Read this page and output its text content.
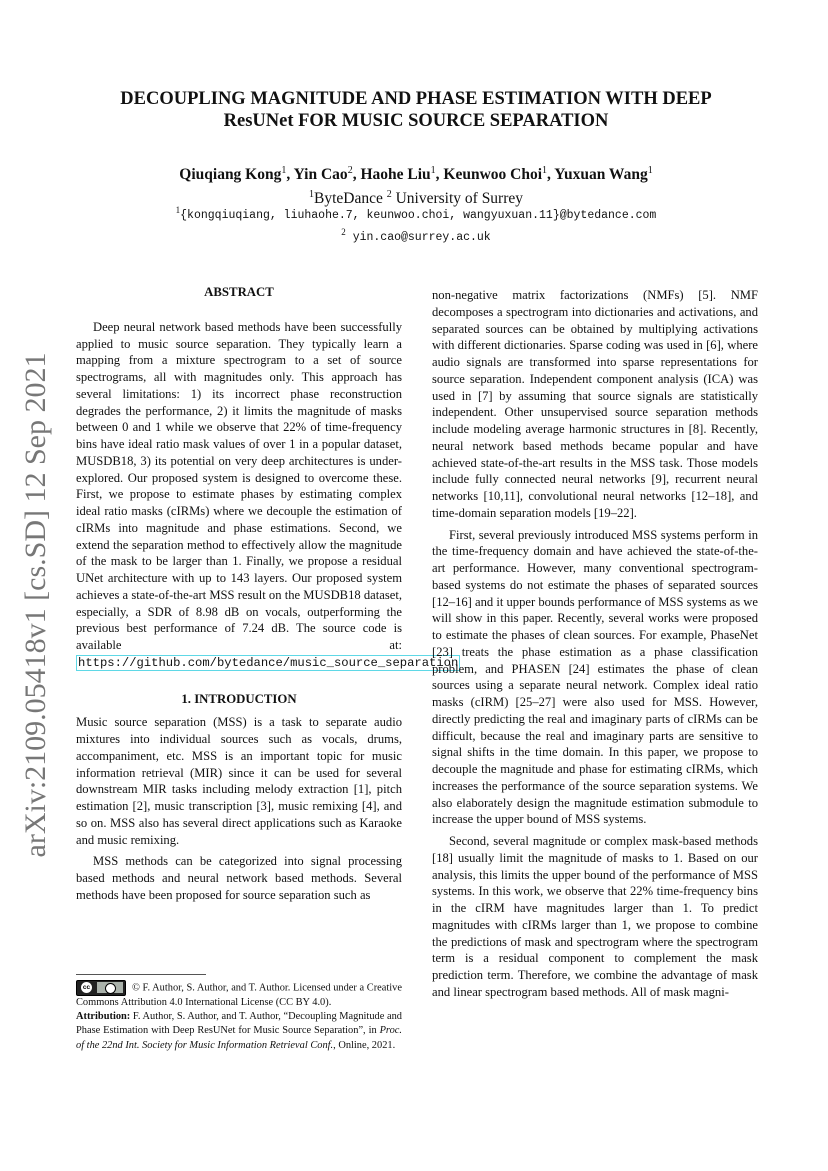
arXiv:2109.05418v1 [cs.SD] 12 Sep 2021
DECOUPLING MAGNITUDE AND PHASE ESTIMATION WITH DEEP
ResUNet FOR MUSIC SOURCE SEPARATION
Qiuqiang Kong$^1$, Yin Cao$^2$, Haohe Liu$^1$, Keunwoo Choi$^1$, Yuxuan Wang$^1$
$^1$ByteDance $^2$ University of Surrey
$^1${kongqiuqiang, liuhaohe.7, keunwoo.choi, wangyuxuan.11}@bytedance.com
$^2$ yin.cao@surrey.ac.uk
ABSTRACT

Deep neural network based methods have been successfully applied to music source separation. They typically learn a mapping from a mixture spectrogram to a set of source spectrograms, all with magnitudes only. This approach has several limitations: 1) its incorrect phase reconstruction degrades the performance, 2) it limits the magnitude of masks between 0 and 1 while we observe that 22% of time-frequency bins have ideal ratio mask values of over 1 in a popular dataset, MUSDB18, 3) its potential on very deep architectures is under-explored. Our proposed system is designed to overcome these. First, we propose to estimate phases by estimating complex ideal ratio masks (cIRMs) where we decouple the estimation of cIRMs into magnitude and phase estimations. Second, we extend the separation method to effectively allow the magnitude of the mask to be larger than 1. Finally, we propose a residual UNet architecture with up to 143 layers. Our proposed system achieves a state-of-the-art MSS result on the MUSDB18 dataset, especially, a SDR of 8.98 dB on vocals, outperforming the previous best performance of 7.24 dB. The source code is available at: https://github.com/bytedance/music_source_separation

1. INTRODUCTION

Music source separation (MSS) is a task to separate audio mixtures into individual sources such as vocals, drums, accompaniment, etc. MSS is an important topic for music information retrieval (MIR) since it can be used for several downstream MIR tasks including melody extraction [1], pitch estimation [2], music transcription [3], music remixing [4], and so on. MSS also has several direct applications such as Karaoke and music remixing.

MSS methods can be categorized into signal processing based methods and neural network based methods. Several methods have been proposed for source separation such as

non-negative matrix factorizations (NMFs) [5]. NMF decomposes a spectrogram into dictionaries and activations, and separated sources can be obtained by multiplying activations with different dictionaries. Sparse coding was used in [6], where audio signals are transformed into sparse representations for source separation. Independent component analysis (ICA) was used in [7] by assuming that source signals are statistically independent. Other unsupervised source separation methods include modeling average harmonic structures in [8]. Recently, neural network based methods became popular and have achieved state-of-the-art results in the MSS task. Those models include fully connected neural networks [9], recurrent neural networks [10,11], convolutional neural networks [12–18], and time-domain separation models [19–22].

First, several previously introduced MSS systems perform in the time-frequency domain and have achieved the state-of-the-art performance. However, many conventional spectrogram-based systems do not estimate the phases of separated sources [12–16] and it upper bounds performance of MSS systems as we will show in this paper. Recently, several works were proposed to estimate the phases of clean sources. For example, PhaseNet [23] treats the phase estimation as a phase classification problem, and PHASEN [24] estimates the phase of clean sources using a separate neural network. Complex ideal ratio masks (cIRM) [25–27] were also used for MSS. However, directly predicting the real and imaginary parts of cIRMs can be difficult, because the real and imaginary parts are sensitive to signal shifts in the time domain. In this paper, we propose to decouple the magnitude and phase for estimating cIRMs, which increases the performance of the source separation systems. We also elaborately design the magnitude estimation submodule to increase the upper bound of MSS systems.

Second, several magnitude or complex mask-based methods [18] usually limit the magnitude of masks to 1. Based on our analysis, this limits the upper bound of the performance of MSS systems. In this work, we observe that 22% time-frequency bins in the cIRM have magnitudes larger than 1. To predict magnitudes with cIRMs larger than 1, we propose to combine the predictions of mask and spectrogram where the spectrogram term is a residual component to complement the mask prediction term. Therefore, we combine the advantage of mask and linear spectrogram based methods. All of mask magni-

cc	© F. Author, S. Author, and T. Author. Licensed under a Creative Commons Attribution 4.0 International License (CC BY 4.0).
Attribution: F. Author, S. Author, and T. Author, “Decoupling Magnitude and Phase Estimation with Deep ResUNet for Music Source Separation”, in Proc. of the 22nd Int. Society for Music Information Retrieval Conf., Online, 2021.
